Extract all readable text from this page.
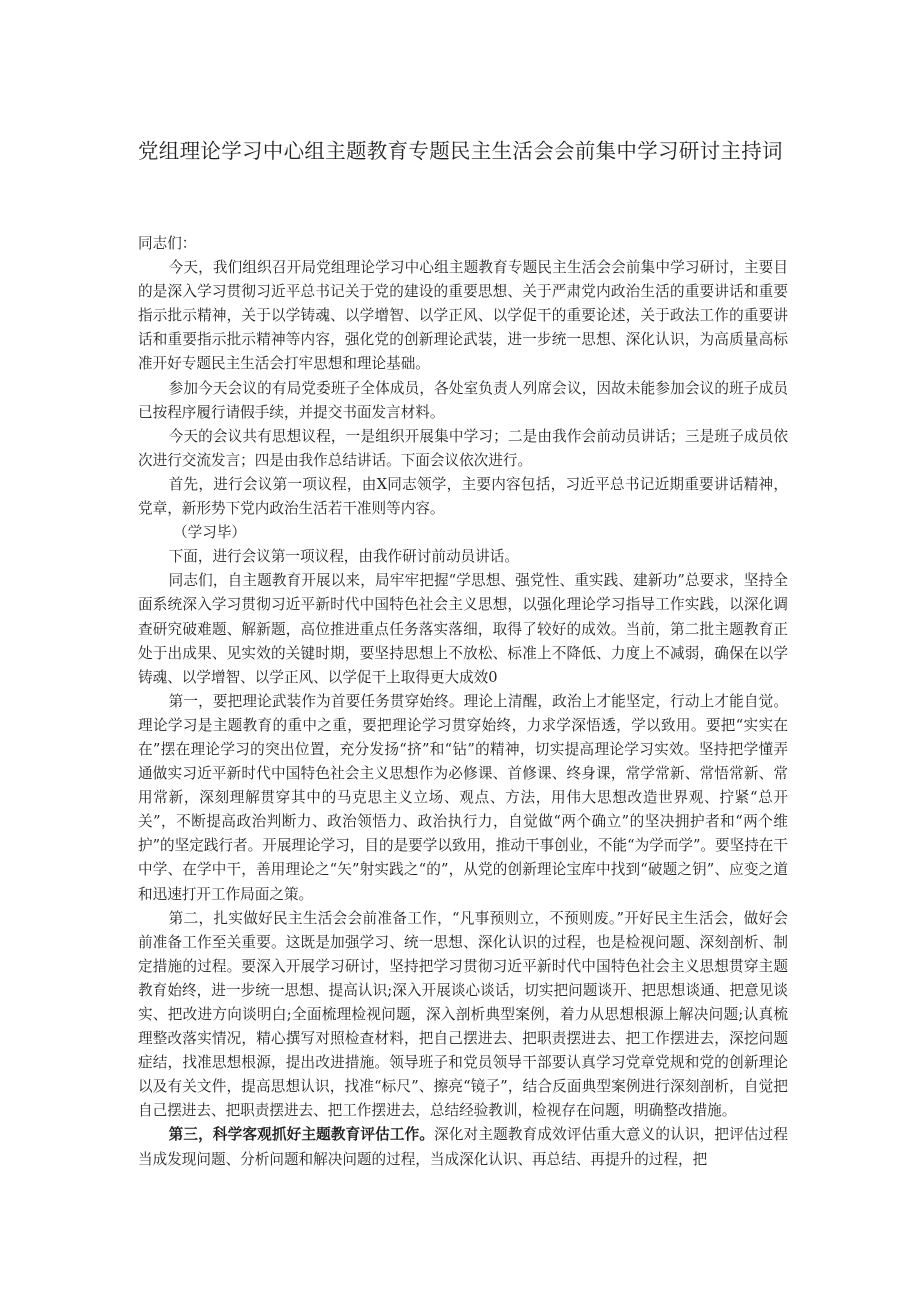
党组理论学习中心组主题教育专题民主生活会会前集中学习研讨主持词

同志们：

今天，我们组织召开局党组理论学习中心组主题教育专题民主生活会会前集中学习研讨，主要目的是深入学习贯彻习近平总书记关于党的建设的重要思想、关于严肃党内政治生活的重要讲话和重要指示批示精神，关于以学铸魂、以学增智、以学正风、以学促干的重要论述，关于政法工作的重要讲话和重要指示批示精神等内容，强化党的创新理论武装，进一步统一思想、深化认识，为高质量高标准开好专题民主生活会打牢思想和理论基础。

参加今天会议的有局党委班子全体成员，各处室负责人列席会议，因故未能参加会议的班子成员已按程序履行请假手续，并提交书面发言材料。

今天的会议共有思想议程，一是组织开展集中学习；二是由我作会前动员讲话；三是班子成员依次进行交流发言；四是由我作总结讲话。下面会议依次进行。

首先，进行会议第一项议程，由X同志领学，主要内容包括，习近平总书记近期重要讲话精神，党章，新形势下党内政治生活若干准则等内容。

（学习毕）

下面，进行会议第一项议程，由我作研讨前动员讲话。

同志们，自主题教育开展以来，局牢牢把握“学思想、强党性、重实践、建新功”总要求，坚持全面系统深入学习贯彻习近平新时代中国特色社会主义思想，以强化理论学习指导工作实践，以深化调查研究破难题、解新题，高位推进重点任务落实落细，取得了较好的成效。当前，第二批主题教育正处于出成果、见实效的关键时期，要坚持思想上不放松、标准上不降低、力度上不减弱，确保在以学铸魂、以学增智、以学正风、以学促干上取得更大成效0

第一，要把理论武装作为首要任务贯穿始终。理论上清醒，政治上才能坚定，行动上才能自觉。理论学习是主题教育的重中之重，要把理论学习贯穿始终，力求学深悟透，学以致用。要把“实实在在”摆在理论学习的突出位置，充分发扬“挤”和“钻”的精神，切实提高理论学习实效。坚持把学懂弄通做实习近平新时代中国特色社会主义思想作为必修课、首修课、终身课，常学常新、常悟常新、常用常新，深刻理解贯穿其中的马克思主义立场、观点、方法，用伟大思想改造世界观、拧紧“总开关”，不断提高政治判断力、政治领悟力、政治执行力，自觉做“两个确立”的坚决拥护者和“两个维护”的坚定践行者。开展理论学习，目的是要学以致用，推动干事创业，不能“为学而学”。要坚持在干中学、在学中干，善用理论之“矢”射实践之“的”，从党的创新理论宝库中找到“破题之钥”、应变之道和迅速打开工作局面之策。

第二，扎实做好民主生活会会前准备工作，“凡事预则立，不预则废。”开好民主生活会，做好会前准备工作至关重要。这既是加强学习、统一思想、深化认识的过程，也是检视问题、深刻剖析、制定措施的过程。要深入开展学习研讨，坚持把学习贯彻习近平新时代中国特色社会主义思想贯穿主题教育始终，进一步统一思想、提高认识;深入开展谈心谈话，切实把问题谈开、把思想谈通、把意见谈实、把改进方向谈明白;全面梳理检视问题，深入剖析典型案例，着力从思想根源上解决问题;认真梳理整改落实情况，精心撰写对照检查材料，把自己摆进去、把职责摆进去、把工作摆进去，深挖问题症结，找准思想根源，提出改进措施。领导班子和党员领导干部要认真学习党章党规和党的创新理论以及有关文件，提高思想认识，找准“标尺”、擦亮“镜子”，结合反面典型案例进行深刻剖析，自觉把自己摆进去、把职责摆进去、把工作摆进去，总结经验教训，检视存在问题，明确整改措施。

第三，科学客观抓好主题教育评估工作。深化对主题教育成效评估重大意义的认识，把评估过程当成发现问题、分析问题和解决问题的过程，当成深化认识、再总结、再提升的过程，把
